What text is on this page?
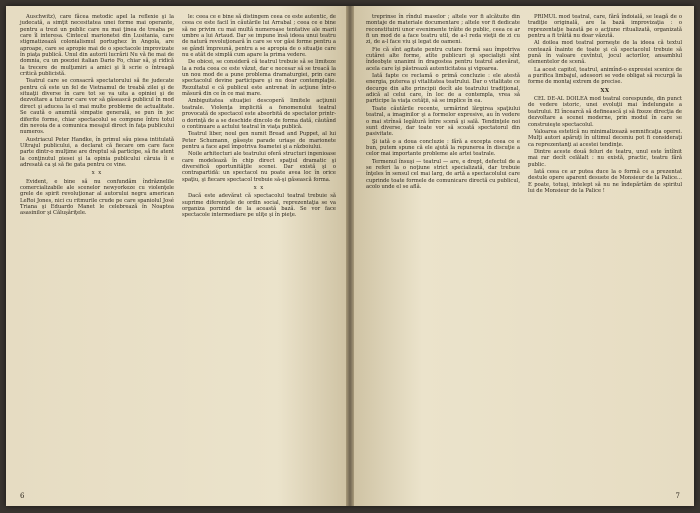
Auschwitz), care făcea metodic apel la reflexie şi la judecată, a simţit necesitatea unei forme mai operante, pentru a trezi un public care nu mai ţinea de treaba pe care îl interesa. Cintecul marionetei din Lusitania, care stigmatizează colonialismul portughez în Angola, are aproape, care se apropie mai de o spectacole improvizate în piaţa publică. Unul din autorii lucrării Nu vă fie mai de domnia, cu un poeziei italian Dario Fo, chiar să, şi ridică la trecere de mulţumiri a amici şi îi scrie o întreagă critică publicistă.

Teatrul care se consacră spectatorului să fie judecate pentru că este un fel de Vietnamul de treabă zilei şi de situaţii diverse în care tot se va uita a opiniei şi de dezvoltare a tuturor care vor să găsească publicul în mod direct şi aducea la el mai multe probleme de actualitate. Se caută o anumită simpatie generală, se pun în joc diferite forme, chiar spectacolul se compune întru totul din nevoia de a comunica mesajul direct în faţa publicului numeros.

Austriacul Peter Handke, în primul său piesa intitulată Ultrajul publicului, a declarat că fiecare om care face parte dintr-o mulţime are dreptul să participe, să fie atent la conţinutul piesei şi la opinia publicului căruia îi e adresată ca şi să fie gata pentru ce vine.

x x

Evident, e bine să nu confundăm îndrăznelile comercializabile ale scenelor newyorkeze cu violenţele grele de spirit revoluţionar al autorului negru american LeRoi Jones, nici cu ritmurile crude pe care spaniolul José Triana şi Eduardo Manet le celebrează în Noaptea asasinilor şi Căluşăriţele.

le: ceea ce e bine să distingem ceea ce este autentic, de ceea ce este facil în căutările lui Arrabal ; ceea ce e bine să ne privim cu mai multă numeroase tentative ale marii umbre a lui Artaud. Dar se impune însă ideea unui teatru de natură revoluţionară în care se vor găsi forme pentru a se gândi împreună, pentru a se apropia de o situaţie care nu e atât de simplă cum apare la prima vedere.

De obicei, se consideră că teatrul trebuie să se limiteze la a reda ceea ce este văzut, dar e necesar să se treacă la un nou mod de a pune problema dramaturgiei, prin care spectacolul devine participare şi nu doar contemplaţie. Rezultatul e că publicul este antrenat în acţiune într-o măsură din ce în ce mai mare.

Ambiguitatea situaţiei descoperă limitele acţiunii teatrale. Violenţa implicită a fenomenului teatral provocată de spectacol este absorbită de spectator printr-o dorinţă de a se deschide dincolo de forma dată, căutând o continuare a actului teatral în viaţa publică.

Teatrul liber, noul gen numit Bread and Puppet, al lui Peter Schumann, găseşte parade uriaşe de marionete pentru a face apel împotriva foametei şi a războiului.

Noile arhitecturi ale teatrului oferă structuri ingenioase care modelează în chip direct spaţiul dramatic şi diversifică oportunităţile scenei. Dar există şi o contrapartidă: un spectacol nu poate avea loc în orice spaţiu, şi fiecare spectacol trebuie să-şi găsească forma.

x x

Dacă este adevărat că spectacolul teatral trebuie să suprime diferenţele de ordin social, reprezentaţia se va organiza pornind de la această bază. Se vor face spectacole intermediare pe uliţe şi în pieţe.

6

treprinse în rîndul maselor ; altele vor fi alcătuite din montaje de materiale documentare ; altele vor fi dedicate reconstituirii unor evenimente trăite de public, ceea ce ar fi un mod de a face teatru util, de a-l reda vieţii de zi cu zi, de a-l face viu şi legat de oameni.

Fie că sînt agitate pentru cutare formă sau împotriva cutărei alte forme, atîte publicuri şi specialişti sînt îndeobşte unanimi în dragostea pentru teatrul adevărat, acela care îşi păstrează autenticitatea şi vigoarea.

Iată fapte ce reclamă o primă concluzie : ele atestă energia, puterea şi vitalitatea teatrului. Dar o vitalitate ce decurge din alte principii decît ale teatrului tradiţional, adică al celui care, în loc de a contempla, vrea să participe la viaţa cetăţii, să se implice în ea.

Toate căutările recente, urmărind lărgirea spaţiului teatral, a imaginilor şi a formelor expresive, au în vedere o mai strînsă legătură între scenă şi sală. Tendinţele noi sunt diverse, dar toate vor să scoată spectatorul din pasivitate.

Şi iată o a doua concluzie : fără a excepta ceea ce e bun, putem spune că ele ajută la repunerea în discuţie a celor mai importante probleme ale artei teatrale.

Termenul însuşi — teatrul — are, e drept, defectul de a se referi la o noţiune strict specializată, dar trebuie înţeles în sensul cel mai larg, de artă a spectacolului care cuprinde toate formele de comunicare directă cu publicul, acolo unde el se află.

PRIMUL mod teatral, care, fără îndoială, se leagă de o tradiţie originală, are la bază improvizaţia : o reprezentaţie bazată pe o acţiune ritualizată, organizată pentru a fi trăită nu doar văzută.

Al doilea mod teatral porneşte de la ideea că textul contează înainte de toate şi că spectacolul trebuie să pună în valoare cuvîntul, jocul actorilor, ansamblul elementelor de scenă.

La acest capitol, teatrul, animînd-o expresiei scenice de a purifica limbajul, adeseori se vede obligat să recurgă la forme de montaj extrem de precise.

XX

CEL DE-AL DOILEA mod teatral corespunde, din punct de vedere istoric, unei evoluţii mai îndelungate a teatrului. El încearcă să definească şi să fixeze direcţia de dezvoltare a scenei moderne, prin modul în care se construieşte spectacolul.

Valoarea estetică nu minimalizează semnificaţia operei. Mulţi autori apăruţi în ultimul deceniu pot fi consideraţi ca reprezentanţi ai acestei tendinţe.

Dintre aceste două feluri de teatru, unul este întîlnit mai rar decît celălalt : nu există, practic, teatru fără public.

Iată ceea ce ar putea duce la o formă ce a prezentat destule opere aparent desuete de Monsieur de la Palice... E poate, totuşi, intelept să nu ne îndepărtăm de spiritul lui de Monsieur de la Palice !

7
